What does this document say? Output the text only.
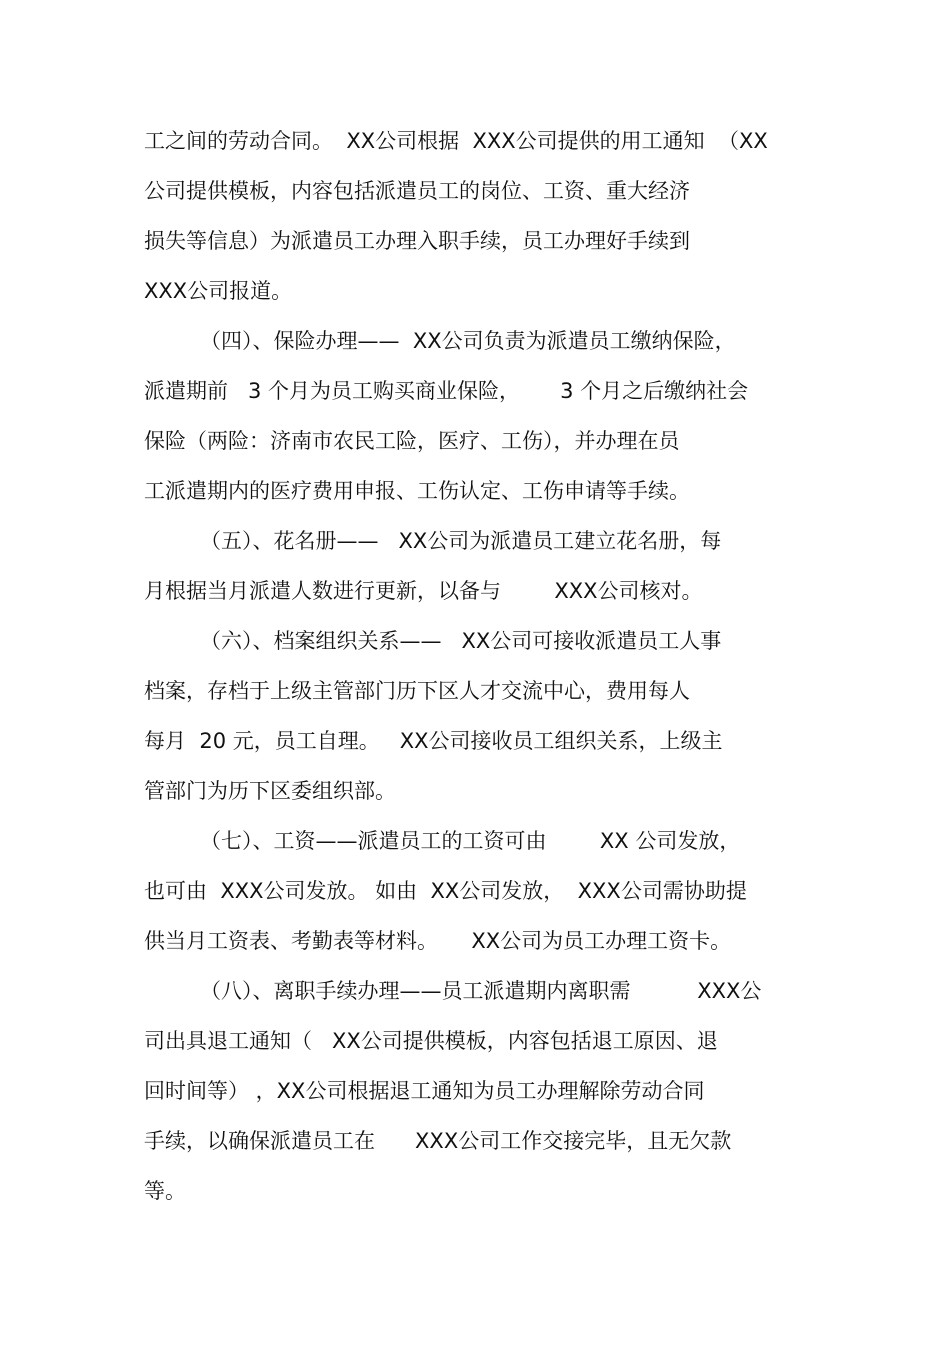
工之间的劳动合同。  XX公司根据  XXX公司提供的用工通知  （XX
公司提供模板，内容包括派遣员工的岗位、工资、重大经济
损失等信息）为派遣员工办理入职手续，员工办理好手续到
XXX公司报道。
（四）、保险办理——  XX公司负责为派遣员工缴纳保险，
派遣期前   3 个月为员工购买商业保险，      3 个月之后缴纳社会
保险（两险：济南市农民工险，医疗、工伤），并办理在员
工派遣期内的医疗费用申报、工伤认定、工伤申请等手续。
（五）、花名册——   XX公司为派遣员工建立花名册，每
月根据当月派遣人数进行更新，以备与        XXX公司核对。
（六）、档案组织关系——   XX公司可接收派遣员工人事
档案，存档于上级主管部门历下区人才交流中心，费用每人
每月  20 元，员工自理。   XX公司接收员工组织关系，上级主
管部门为历下区委组织部。
（七）、工资——派遣员工的工资可由        XX 公司发放，
也可由  XXX公司发放。 如由  XX公司发放，  XXX公司需协助提
供当月工资表、考勤表等材料。     XX公司为员工办理工资卡。
（八）、离职手续办理——员工派遣期内离职需          XXX公
司出具退工通知（   XX公司提供模板，内容包括退工原因、退
回时间等） ，XX公司根据退工通知为员工办理解除劳动合同
手续，以确保派遣员工在      XXX公司工作交接完毕，且无欠款
等。
